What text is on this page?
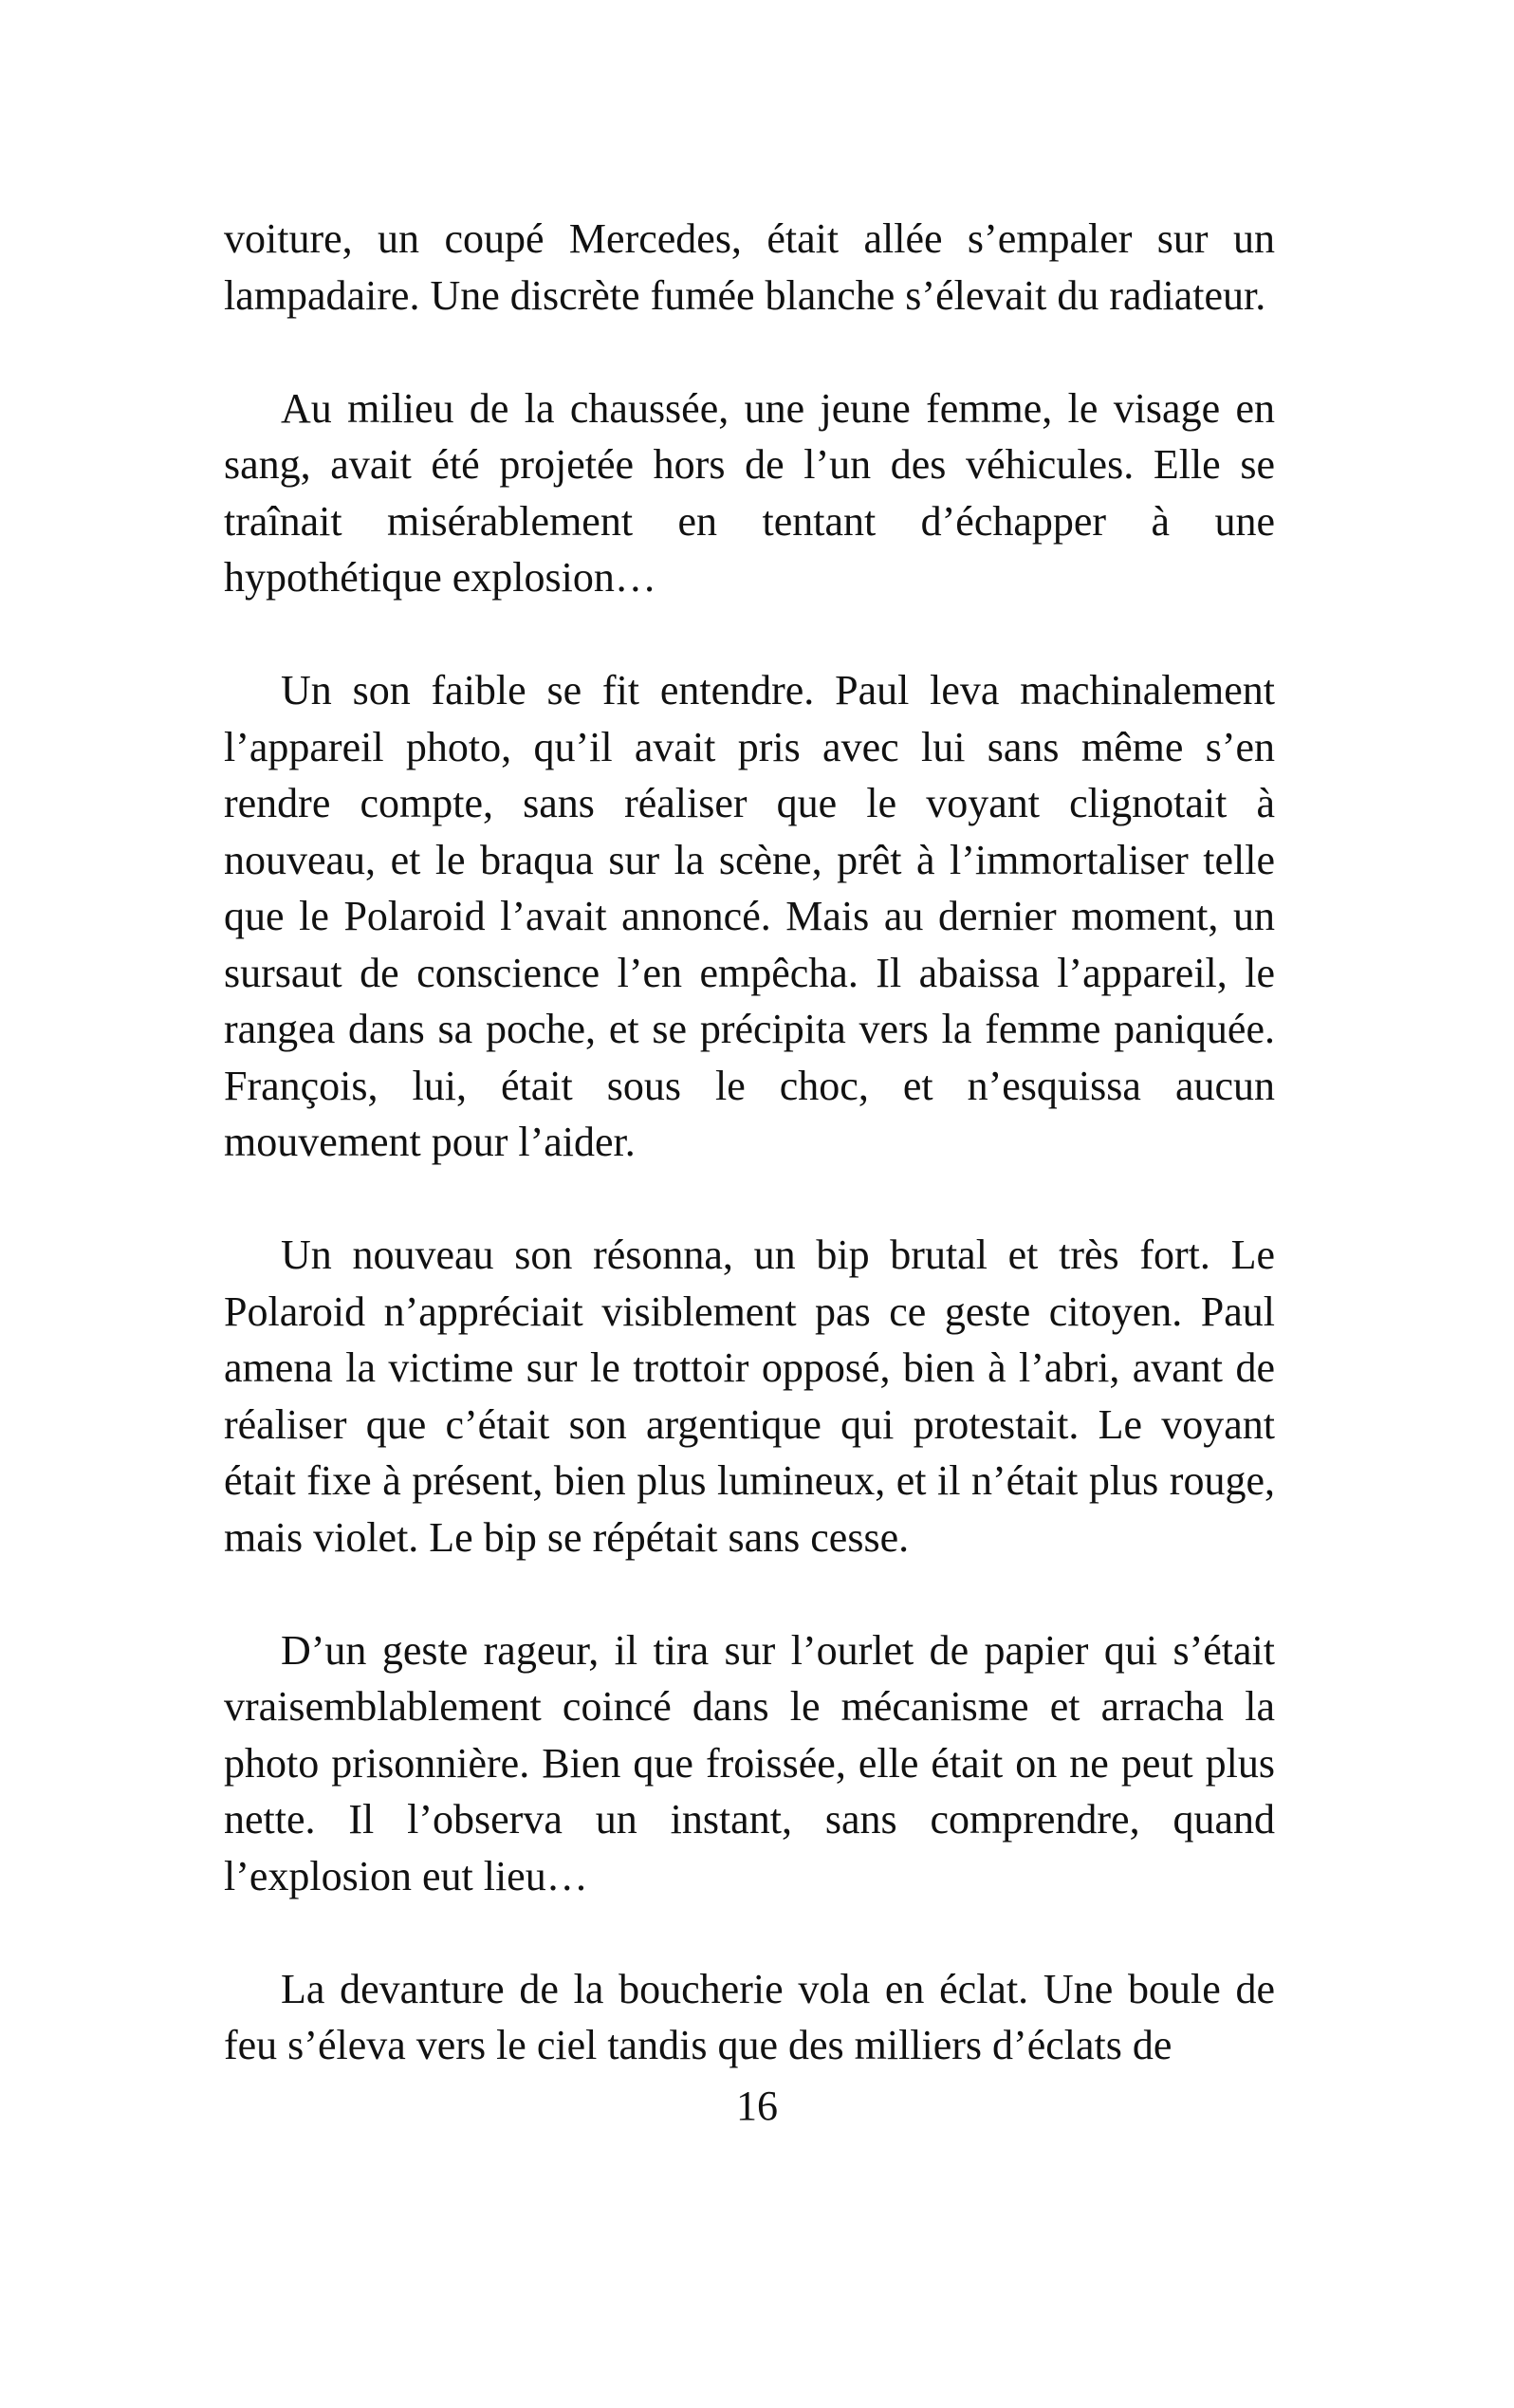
voiture, un coupé Mercedes, était allée s’empaler sur un lampadaire. Une discrète fumée blanche s’élevait du radiateur.

Au milieu de la chaussée, une jeune femme, le visage en sang, avait été projetée hors de l’un des véhicules. Elle se traînait misérablement en tentant d’échapper à une hypothétique explosion…

Un son faible se fit entendre. Paul leva machinalement l’appareil photo, qu’il avait pris avec lui sans même s’en rendre compte, sans réaliser que le voyant clignotait à nouveau, et le braqua sur la scène, prêt à l’immortaliser telle que le Polaroid l’avait annoncé. Mais au dernier moment, un sursaut de conscience l’en empêcha. Il abaissa l’appareil, le rangea dans sa poche, et se précipita vers la femme paniquée. François, lui, était sous le choc, et n’esquissa aucun mouvement pour l’aider.

Un nouveau son résonna, un bip brutal et très fort. Le Polaroid n’appréciait visiblement pas ce geste citoyen. Paul amena la victime sur le trottoir opposé, bien à l’abri, avant de réaliser que c’était son argentique qui protestait. Le voyant était fixe à présent, bien plus lumineux, et il n’était plus rouge, mais violet. Le bip se répétait sans cesse.

D’un geste rageur, il tira sur l’ourlet de papier qui s’était vraisemblablement coincé dans le mécanisme et arracha la photo prisonnière. Bien que froissée, elle était on ne peut plus nette. Il l’observa un instant, sans comprendre, quand l’explosion eut lieu…

La devanture de la boucherie vola en éclat. Une boule de feu s’éleva vers le ciel tandis que des milliers d’éclats de

16
